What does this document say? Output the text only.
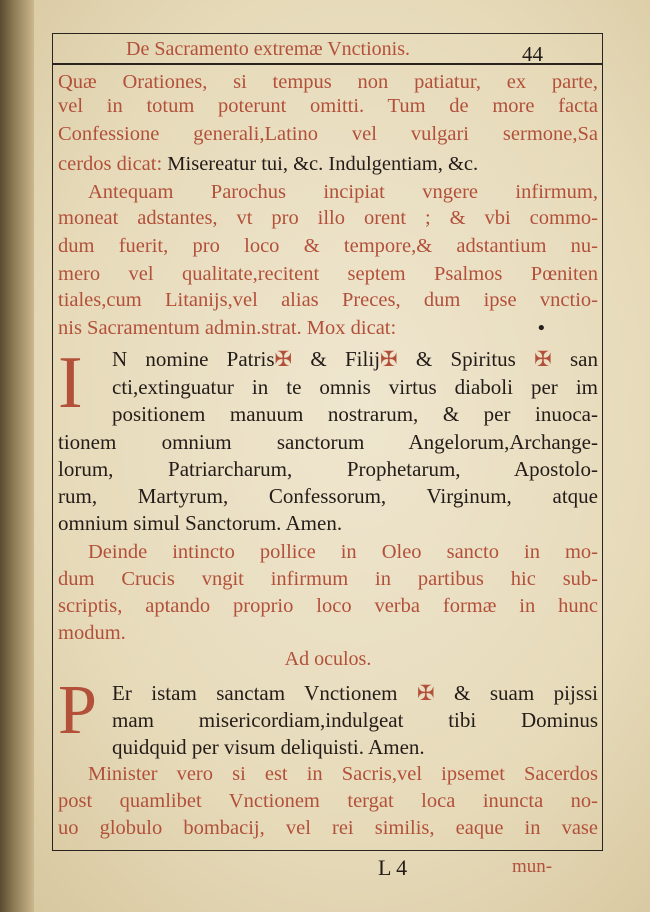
De Sacramento extremæ Vnctionis.	44
Quæ Orationes, si tempus non patiatur, ex parte,
vel in totum poterunt omitti. Tum de more facta
Confessione generali,Latino vel vulgari sermone,Sa
cerdos dicat: Misereatur tui, &c. Indulgentiam, &c.
Antequam Parochus incipiat vngere infirmum,
moneat adstantes, vt pro illo orent ; & vbi commo-
dum fuerit, pro loco & tempore,& adstantium nu-
mero vel qualitate,recitent septem Psalmos Pœniten
tiales,cum Litanijs,vel alias Preces, dum ipse vnctio-
nis Sacramentum admin.strat. Mox dicat:	•
I N nomine Patris✠ & Filij✠ & Spiritus ✠ san
cti,extinguatur in te omnis virtus diaboli per im
positionem manuum nostrarum, & per inuoca-
tionem omnium sanctorum Angelorum,Archange-
lorum, Patriarcharum, Prophetarum, Apostolo-
rum, Martyrum, Confessorum, Virginum, atque
omnium simul Sanctorum. Amen.
Deinde intincto pollice in Oleo sancto in mo-
dum Crucis vngit infirmum in partibus hic sub-
scriptis, aptando proprio loco verba formæ in hunc
modum.
Ad oculos.
P Er istam sanctam Vnctionem ✠ & suam pijssi
mam misericordiam,indulgeat tibi Dominus
quidquid per visum deliquisti. Amen.
Minister vero si est in Sacris,vel ipsemet Sacerdos
post quamlibet Vnctionem tergat loca inuncta no-
uo globulo bombacij, vel rei similis, eaque in vase
L 4	mun-
